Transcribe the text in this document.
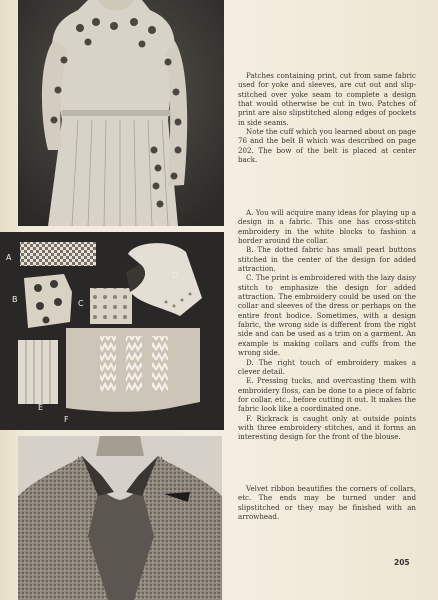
Patches containing print, cut from same fabric used for yoke and sleeves, are cut out and slip-stitched over yoke seam to complete a design that would otherwise be cut in two. Patches of print are also slipstitched along edges of pockets in side seams.

Note the cuff which you learned about on page 76 and the belt B which was described on page 202. The bow of the belt is placed at center back.

A
B	C
D
E
F

A. You will acquire many ideas for playing up a design in a fabric. This one has cross-stitch embroidery in the white blocks to fashion a border around the collar.

B. The dotted fabric has small pearl buttons stitched in the center of the design for added attraction.

C. The print is embroidered with the lazy daisy stitch to emphasize the design for added attraction. The embroidery could be used on the collar and sleeves of the dress or perhaps on the entire front bodice. Sometimes, with a design fabric, the wrong side is different from the right side and can be used as a trim on a garment. An example is making collars and cuffs from the wrong side.

D. The right touch of embroidery makes a clever detail.

E. Pressing tucks, and overcasting them with embroidery floss, can be done to a piece of fabric for collar, etc., before cutting it out. It makes the fabric look like a coordinated one.

F. Rickrack is caught only at outside points with three embroidery stitches, and it forms an interesting design for the front of the blouse.

Velvet ribbon beautifies the corners of collars, etc. The ends may be turned under and slipstitched or they may be finished with an arrowhead.

205
